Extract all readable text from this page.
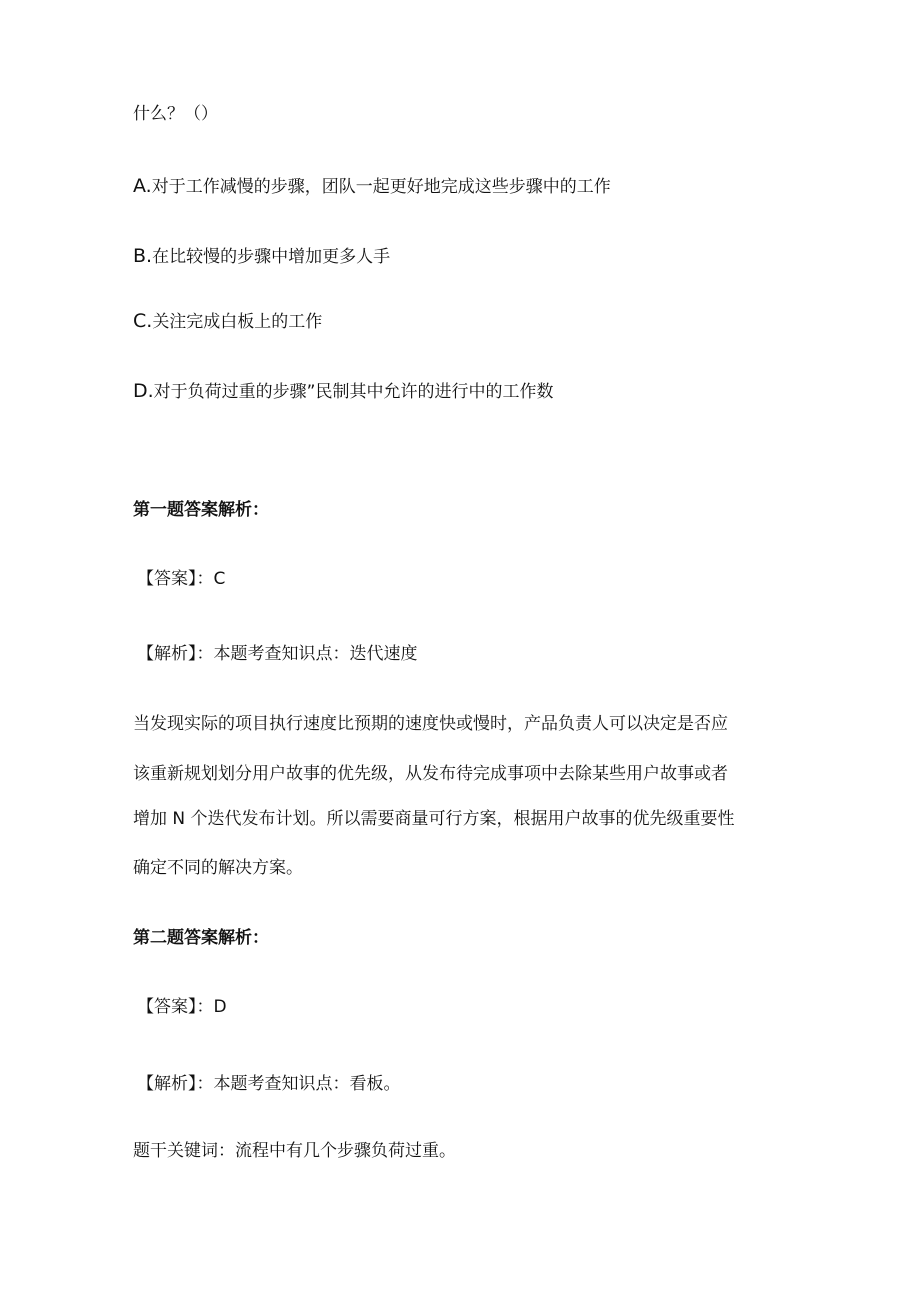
什么？（）
A.对于工作减慢的步骤，团队一起更好地完成这些步骤中的工作
B.在比较慢的步骤中增加更多人手
C.关注完成白板上的工作
D.对于负荷过重的步骤”民制其中允许的进行中的工作数
第一题答案解析：
【答案】：C
【解析】：本题考查知识点：迭代速度
当发现实际的项目执行速度比预期的速度快或慢时，产品负责人可以决定是否应
该重新规划划分用户故事的优先级，从发布待完成事项中去除某些用户故事或者
增加 N 个迭代发布计划。所以需要商量可行方案，根据用户故事的优先级重要性
确定不同的解决方案。
第二题答案解析：
【答案】：D
【解析】：本题考查知识点：看板。
题干关键词：流程中有几个步骤负荷过重。
